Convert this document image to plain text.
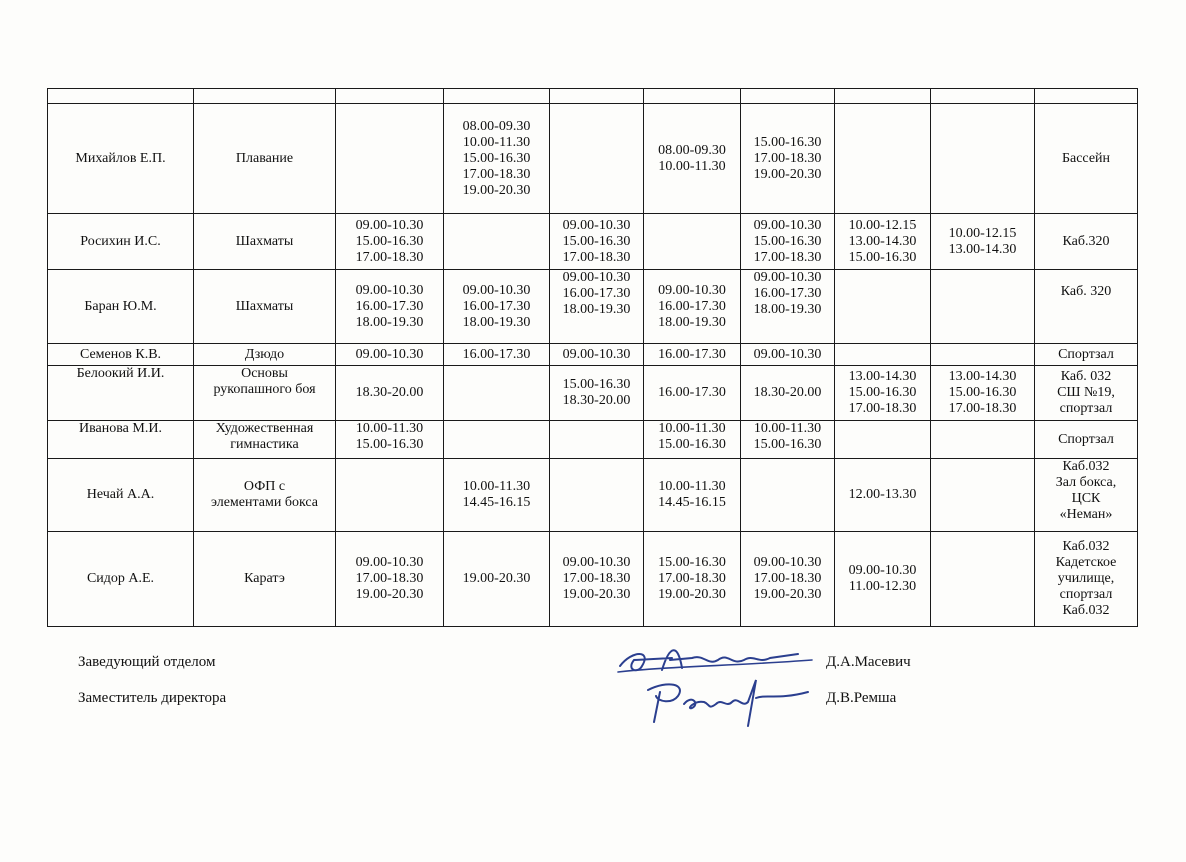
Михайлов Е.П.	Плавание		08.00-09.30
10.00-11.30
15.00-16.30
17.00-18.30
19.00-20.30		08.00-09.30
10.00-11.30	15.00-16.30
17.00-18.30
19.00-20.30			Бассейн
Росихин И.С.	Шахматы	09.00-10.30
15.00-16.30
17.00-18.30		09.00-10.30
15.00-16.30
17.00-18.30		09.00-10.30
15.00-16.30
17.00-18.30	10.00-12.15
13.00-14.30
15.00-16.30	10.00-12.15
13.00-14.30	Каб.320
Баран Ю.М.	Шахматы	09.00-10.30
16.00-17.30
18.00-19.30	09.00-10.30
16.00-17.30
18.00-19.30	09.00-10.30
16.00-17.30
18.00-19.30	09.00-10.30
16.00-17.30
18.00-19.30	09.00-10.30
16.00-17.30
18.00-19.30			Каб. 320
Семенов К.В.	Дзюдо	09.00-10.30	16.00-17.30	09.00-10.30	16.00-17.30	09.00-10.30			Спортзал
Белоокий И.И.	Основы
рукопашного боя	18.30-20.00		15.00-16.30
18.30-20.00	16.00-17.30	18.30-20.00	13.00-14.30
15.00-16.30
17.00-18.30	13.00-14.30
15.00-16.30
17.00-18.30	Каб. 032
СШ №19,
спортзал
Иванова М.И.	Художественная
гимнастика	10.00-11.30
15.00-16.30			10.00-11.30
15.00-16.30	10.00-11.30
15.00-16.30			Спортзал
Нечай А.А.	ОФП с
элементами бокса		10.00-11.30
14.45-16.15		10.00-11.30
14.45-16.15		12.00-13.30		Каб.032
Зал бокса,
ЦСК
«Неман»
Сидор А.Е.	Каратэ	09.00-10.30
17.00-18.30
19.00-20.30	19.00-20.30	09.00-10.30
17.00-18.30
19.00-20.30	15.00-16.30
17.00-18.30
19.00-20.30	09.00-10.30
17.00-18.30
19.00-20.30	09.00-10.30
11.00-12.30		Каб.032
Кадетское
училище,
спортзал
Каб.032
Заведующий отделом
Заместитель директора
Д.А.Масевич
Д.В.Ремша
